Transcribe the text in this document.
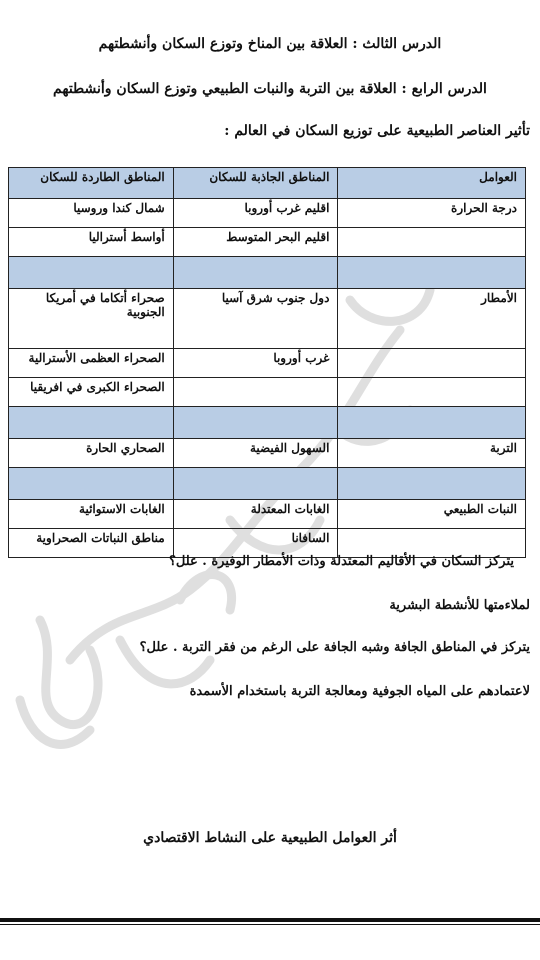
الدرس الثالث : العلاقة بين المناخ وتوزع السكان وأنشطتهم
الدرس الرابع : العلاقة بين التربة والنبات الطبيعي وتوزع السكان وأنشطتهم
تأثير العناصر الطبيعية على توزيع السكان في العالم :
العوامل	المناطق الجاذبة للسكان	المناطق الطاردة للسكان
درجة الحرارة	اقليم غرب أوروبا	شمال كندا وروسيا
	اقليم البحر المتوسط	أواسط أستراليا

الأمطار	دول جنوب شرق آسيا	صحراء أتكاما في أمريكا الجنوبية
	غرب أوروبا	الصحراء العظمى الأسترالية
		الصحراء الكبرى في افريقيا

التربة	السهول الفيضية	الصحاري الحارة

النبات الطبيعي	الغابات المعتدلة	الغابات الاستوائية
	السافانا	مناطق النباتات الصحراوية
يتركز السكان في الأقاليم المعتدلة وذات الأمطار الوفيرة . علل؟
لملاءمتها للأنشطة البشرية
يتركز في المناطق الجافة وشبه الجافة على الرغم من فقر التربة . علل؟
لاعتمادهم على المياه الجوفية ومعالجة التربة باستخدام الأسمدة
أثر العوامل الطبيعية على النشاط الاقتصادي
